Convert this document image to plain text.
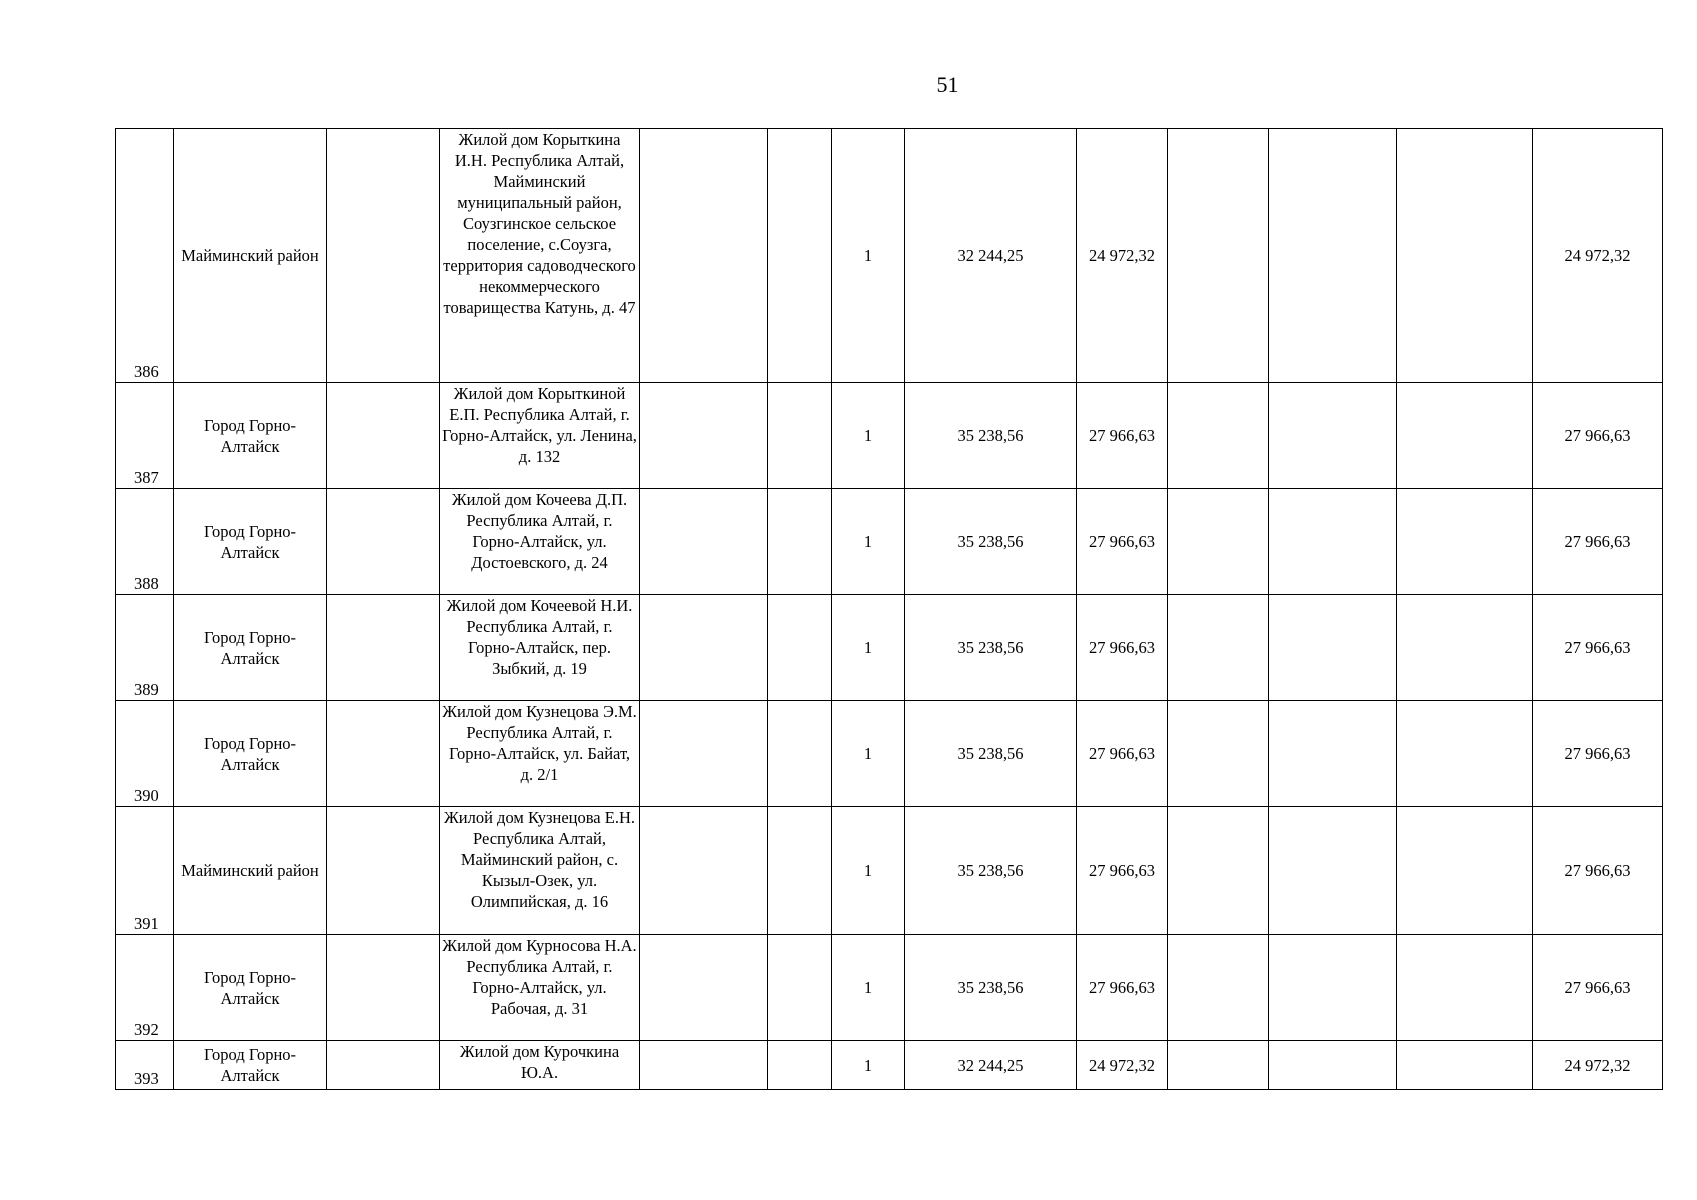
51
386	Майминский район		Жилой дом Корыткина И.Н. Республика Алтай, Майминский муниципальный район, Соузгинское сельское поселение, с.Соузга, территория садоводческого некоммерческого товарищества Катунь, д. 47			1	32 244,25	24 972,32				24 972,32
387	Город Горно-Алтайск		Жилой дом Корыткиной Е.П. Республика Алтай, г. Горно-Алтайск, ул. Ленина, д. 132			1	35 238,56	27 966,63				27 966,63
388	Город Горно-Алтайск		Жилой дом Кочеева Д.П. Республика Алтай, г. Горно-Алтайск, ул. Достоевского, д. 24			1	35 238,56	27 966,63				27 966,63
389	Город Горно-Алтайск		Жилой дом Кочеевой Н.И. Республика Алтай, г. Горно-Алтайск, пер. Зыбкий, д. 19			1	35 238,56	27 966,63				27 966,63
390	Город Горно-Алтайск		Жилой дом Кузнецова Э.М. Республика Алтай, г. Горно-Алтайск, ул. Байат, д. 2/1			1	35 238,56	27 966,63				27 966,63
391	Майминский район		Жилой дом Кузнецова Е.Н. Республика Алтай, Майминский район, с. Кызыл-Озек, ул. Олимпийская, д. 16			1	35 238,56	27 966,63				27 966,63
392	Город Горно-Алтайск		Жилой дом Курносова Н.А. Республика Алтай, г. Горно-Алтайск, ул. Рабочая, д. 31			1	35 238,56	27 966,63				27 966,63
393	Город Горно-Алтайск		Жилой дом Курочкина Ю.А.			1	32 244,25	24 972,32				24 972,32
